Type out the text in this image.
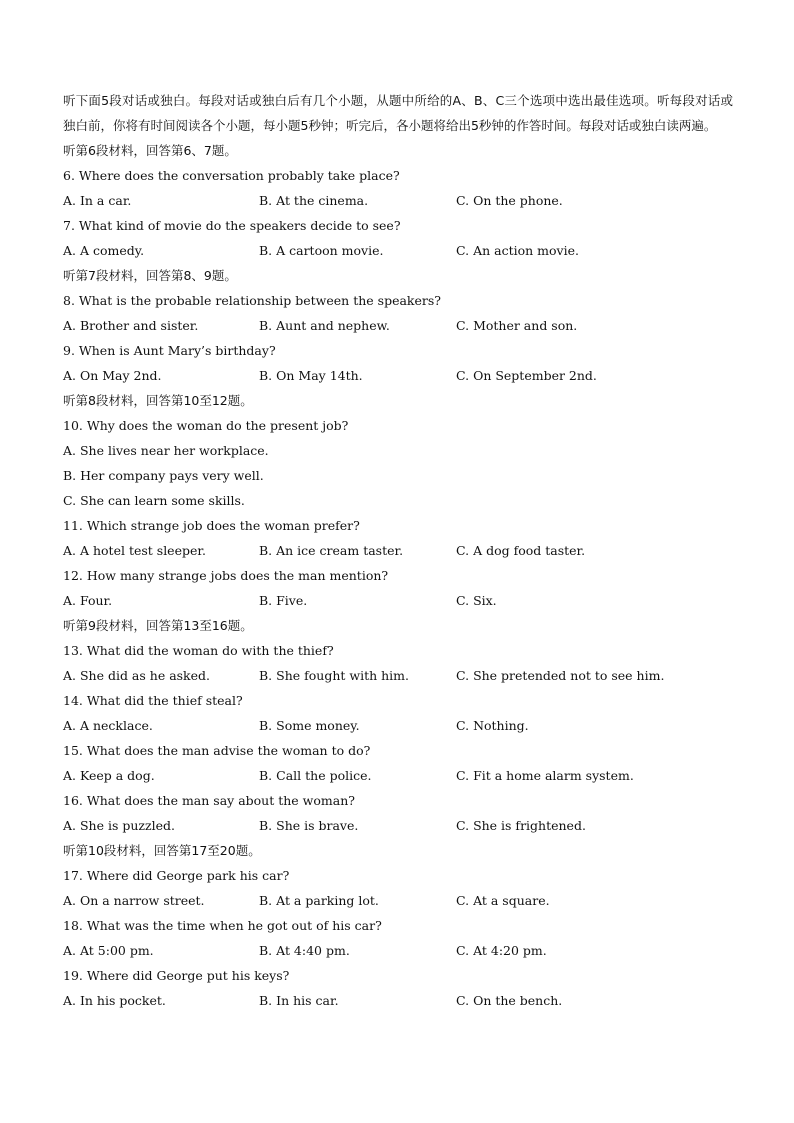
听下面5段对话或独白。每段对话或独白后有几个小题，从题中所给的A、B、C三个选项中选出最佳选项。听每段对话或独白前，你将有时间阅读各个小题，每小题5秒钟；听完后，各小题将给出5秒钟的作答时间。每段对话或独白读两遍。

听第6段材料，回答第6、7题。
6. Where does the conversation probably take place?
A. In a car.	B. At the cinema.	C. On the phone.
7. What kind of movie do the speakers decide to see?
A. A comedy.	B. A cartoon movie.	C. An action movie.
听第7段材料，回答第8、9题。
8. What is the probable relationship between the speakers?
A. Brother and sister.	B. Aunt and nephew.	C. Mother and son.
9. When is Aunt Mary’s birthday?
A. On May 2nd.	B. On May 14th.	C. On September 2nd.
听第8段材料，回答第10至12题。
10. Why does the woman do the present job?
A. She lives near her workplace.
B. Her company pays very well.
C. She can learn some skills.
11. Which strange job does the woman prefer?
A. A hotel test sleeper.	B. An ice cream taster.	C. A dog food taster.
12. How many strange jobs does the man mention?
A. Four.	B. Five.	C. Six.
听第9段材料，回答第13至16题。
13. What did the woman do with the thief?
A. She did as he asked.	B. She fought with him.	C. She pretended not to see him.
14. What did the thief steal?
A. A necklace.	B. Some money.	C. Nothing.
15. What does the man advise the woman to do?
A. Keep a dog.	B. Call the police.	C. Fit a home alarm system.
16. What does the man say about the woman?
A. She is puzzled.	B. She is brave.	C. She is frightened.
听第10段材料，回答第17至20题。
17. Where did George park his car?
A. On a narrow street.	B. At a parking lot.	C. At a square.
18. What was the time when he got out of his car?
A. At 5:00 pm.	B. At 4:40 pm.	C. At 4:20 pm.
19. Where did George put his keys?
A. In his pocket.	B. In his car.	C. On the bench.
